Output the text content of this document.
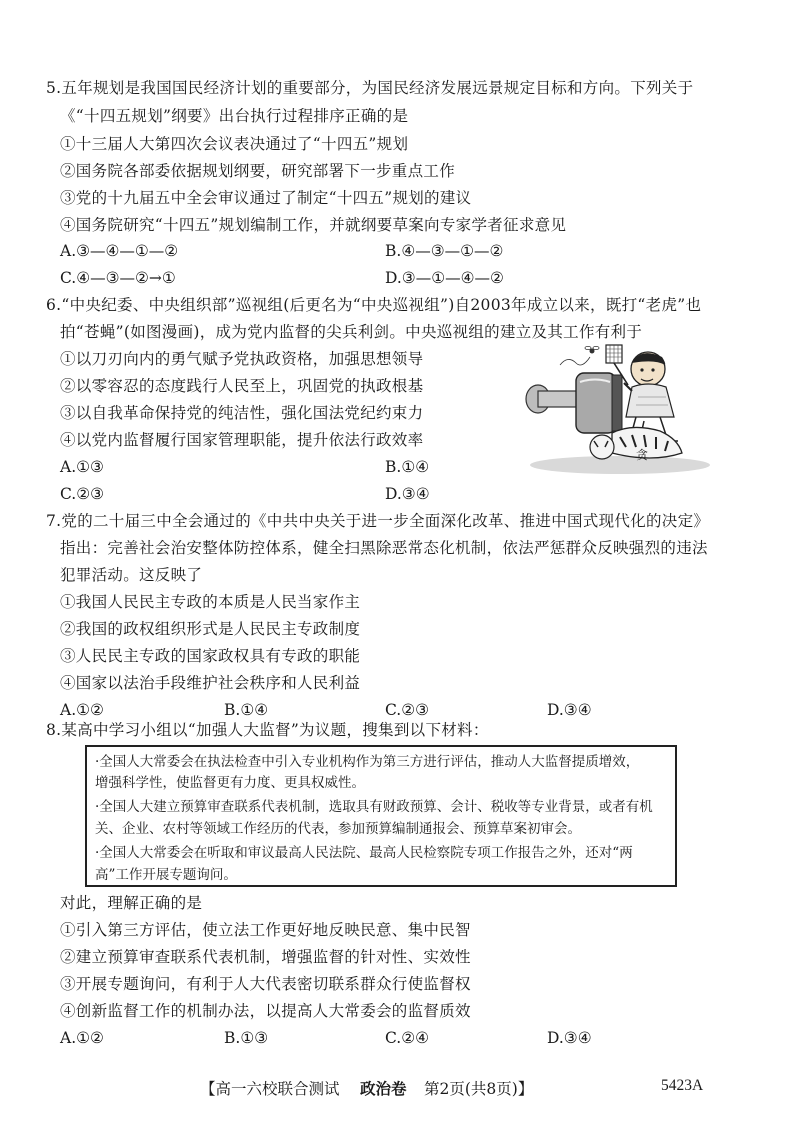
5.五年规划是我国国民经济计划的重要部分，为国民经济发展远景规定目标和方向。下列关于
《“十四五规划”纲要》出台执行过程排序正确的是
①十三届人大第四次会议表决通过了“十四五”规划
②国务院各部委依据规划纲要，研究部署下一步重点工作
③党的十九届五中全会审议通过了制定“十四五”规划的建议
④国务院研究“十四五”规划编制工作，并就纲要草案向专家学者征求意见
A.③—④—①—②	B.④—③—①—②
C.④—③—②→①	D.③—①—④—②
6.“中央纪委、中央组织部”巡视组(后更名为“中央巡视组”)自2003年成立以来，既打“老虎”也
拍“苍蝇”(如图漫画)，成为党内监督的尖兵利剑。中央巡视组的建立及其工作有利于
①以刀刃向内的勇气赋予党执政资格，加强思想领导
②以零容忍的态度践行人民至上，巩固党的执政根基
③以自我革命保持党的纯洁性，强化国法党纪约束力
④以党内监督履行国家管理职能，提升依法行政效率
A.①③	B.①④
C.②③	D.③④
贪
7.党的二十届三中全会通过的《中共中央关于进一步全面深化改革、推进中国式现代化的决定》
指出：完善社会治安整体防控体系，健全扫黑除恶常态化机制，依法严惩群众反映强烈的违法
犯罪活动。这反映了
①我国人民民主专政的本质是人民当家作主
②我国的政权组织形式是人民民主专政制度
③人民民主专政的国家政权具有专政的职能
④国家以法治手段维护社会秩序和人民利益
A.①②	B.①④	C.②③	D.③④
8.某高中学习小组以“加强人大监督”为议题，搜集到以下材料：
·全国人大常委会在执法检查中引入专业机构作为第三方进行评估，推动人大监督提质增效，
增强科学性，使监督更有力度、更具权威性。
·全国人大建立预算审查联系代表机制，选取具有财政预算、会计、税收等专业背景，或者有机
关、企业、农村等领域工作经历的代表，参加预算编制通报会、预算草案初审会。
·全国人大常委会在听取和审议最高人民法院、最高人民检察院专项工作报告之外，还对“两
高”工作开展专题询问。
对此，理解正确的是
①引入第三方评估，使立法工作更好地反映民意、集中民智
②建立预算审查联系代表机制，增强监督的针对性、实效性
③开展专题询问，有利于人大代表密切联系群众行使监督权
④创新监督工作的机制办法，以提高人大常委会的监督质效
A.①②	B.①③	C.②④	D.③④
【高一六校联合测试 政治卷 第2页(共8页)】	5423A
